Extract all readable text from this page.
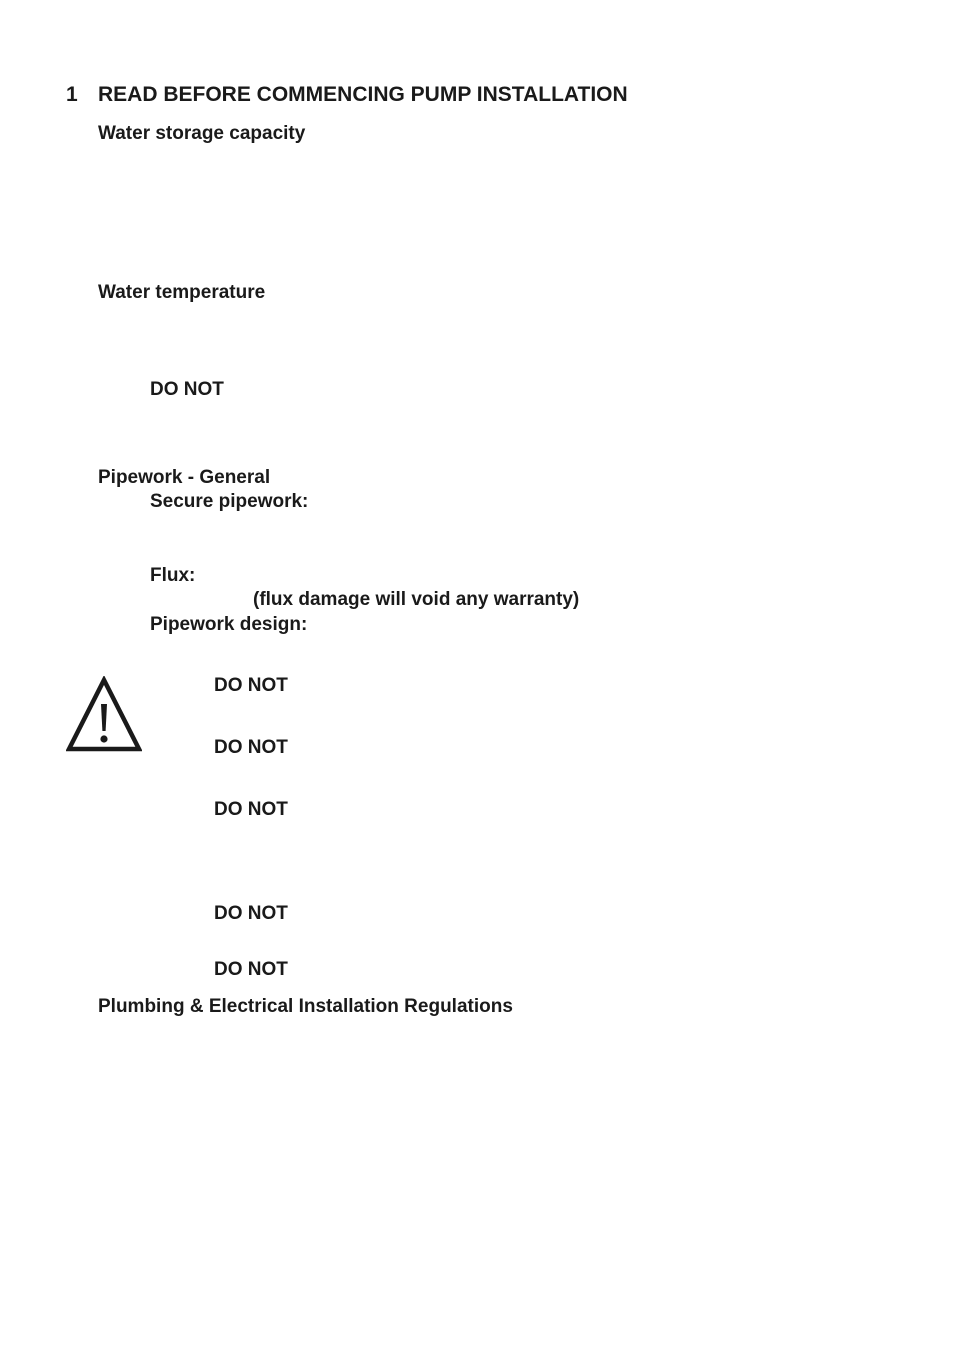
1 READ BEFORE COMMENCING PUMP INSTALLATION
Water storage capacity
Water temperature
DO NOT
Pipework - General
Secure pipework:
Flux:
(flux damage will void any warranty)
Pipework design:
DO NOT
DO NOT
DO NOT
DO NOT
DO NOT
Plumbing & Electrical Installation Regulations
